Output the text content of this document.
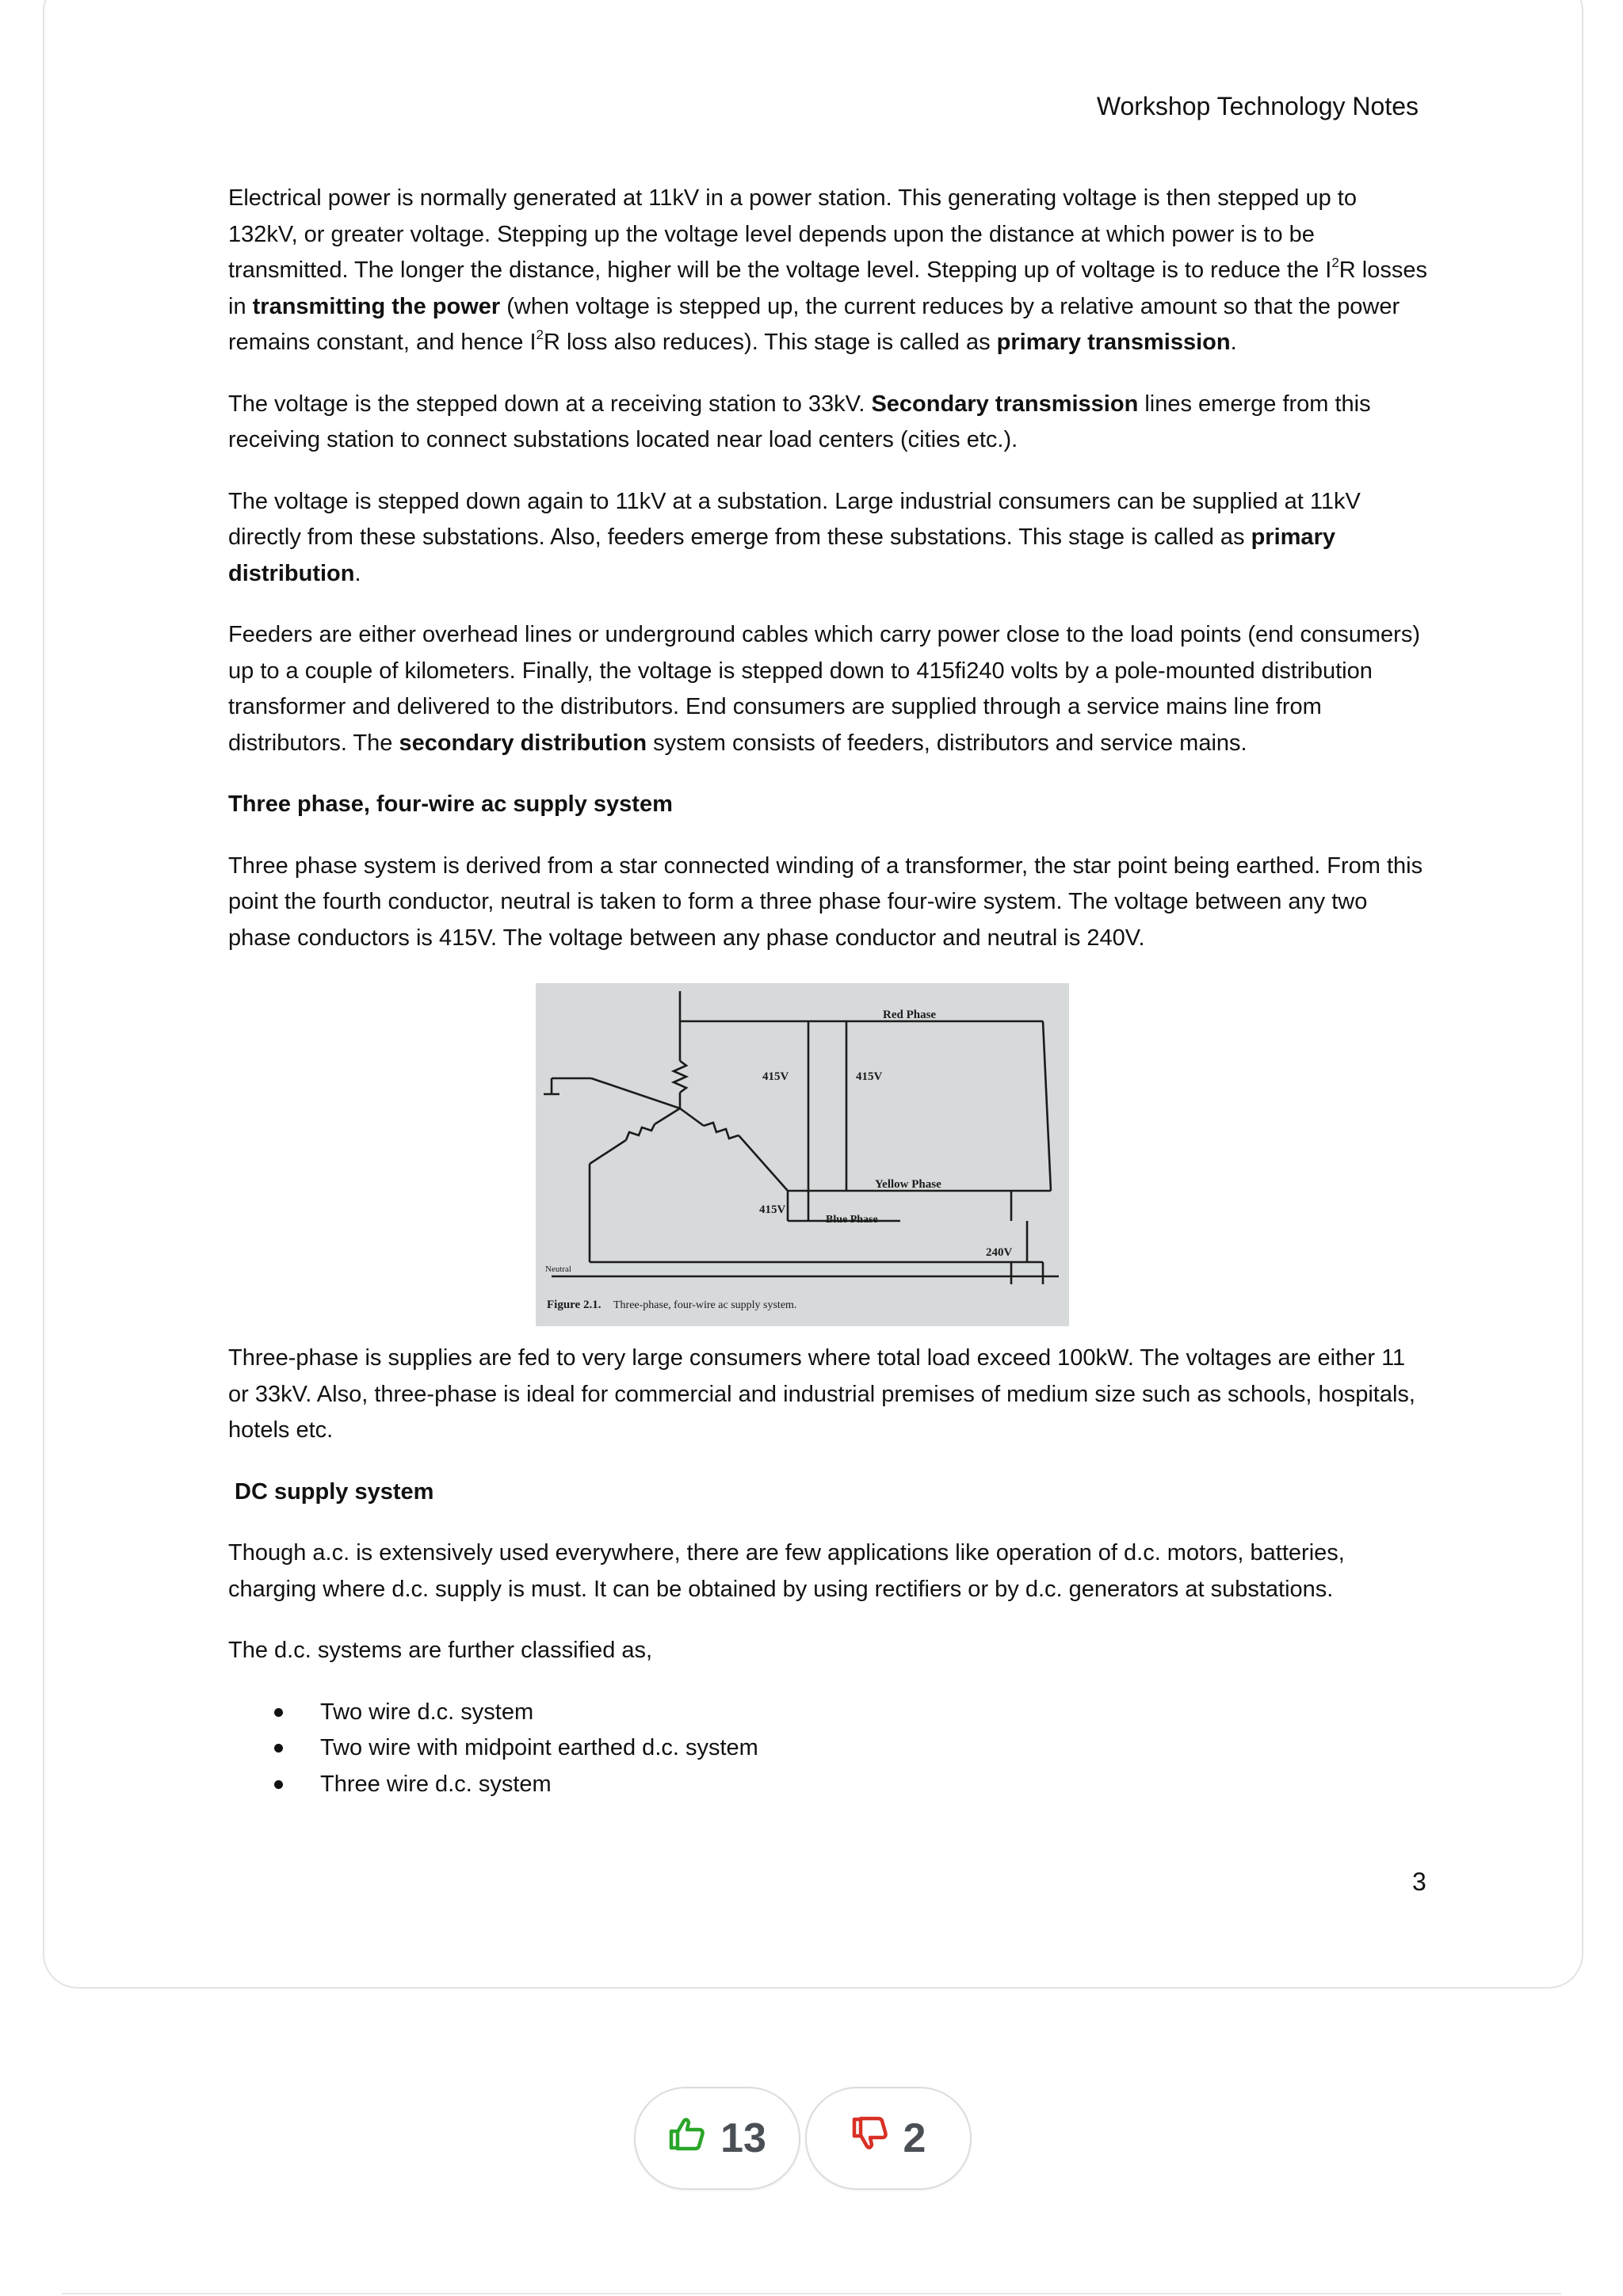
Workshop Technology Notes

Electrical power is normally generated at 11kV in a power station. This generating voltage is then stepped up to 132kV, or greater voltage. Stepping up the voltage level depends upon the distance at which power is to be transmitted. The longer the distance, higher will be the voltage level. Stepping up of voltage is to reduce the $I^2R$ losses in transmitting the power (when voltage is stepped up, the current reduces by a relative amount so that the power remains constant, and hence $I^2R$ loss also reduces). This stage is called as primary transmission.

The voltage is the stepped down at a receiving station to 33kV. Secondary transmission lines emerge from this receiving station to connect substations located near load centers (cities etc.).

The voltage is stepped down again to 11kV at a substation. Large industrial consumers can be supplied at 11kV directly from these substations. Also, feeders emerge from these substations. This stage is called as primary distribution.

Feeders are either overhead lines or underground cables which carry power close to the load points (end consumers) up to a couple of kilometers. Finally, the voltage is stepped down to 415fi240 volts by a pole-mounted distribution transformer and delivered to the distributors. End consumers are supplied through a service mains line from distributors. The secondary distribution system consists of feeders, distributors and service mains.

Three phase, four-wire ac supply system

Three phase system is derived from a star connected winding of a transformer, the star point being earthed. From this point the fourth conductor, neutral is taken to form a three phase four-wire system. The voltage between any two phase conductors is 415V. The voltage between any phase conductor and neutral is 240V.

Red Phase
415V	415V
Yellow Phase
415V
Blue Phase
240V
Neutral
Figure 2.1. Three-phase, four-wire ac supply system.

Three-phase is supplies are fed to very large consumers where total load exceed 100kW. The voltages are either 11 or 33kV. Also, three-phase is ideal for commercial and industrial premises of medium size such as schools, hospitals, hotels etc.

DC supply system

Though a.c. is extensively used everywhere, there are few applications like operation of d.c. motors, batteries, charging where d.c. supply is must. It can be obtained by using rectifiers or by d.c. generators at substations.

The d.c. systems are further classified as,

Two wire d.c. system
Two wire with midpoint earthed d.c. system
Three wire d.c. system
3
13	2
